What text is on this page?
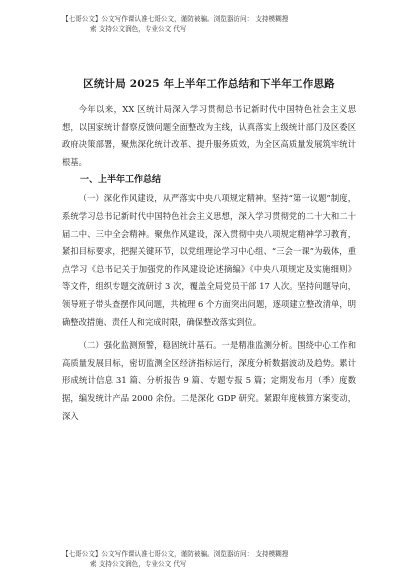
【七哥公文】公文写作课认准七哥公文，谨防被骗。浏览器访问： 支持模糊搜
索 支持公文润色，专业公文 代写
区统计局 2025 年上半年工作总结和下半年工作思路

今年以来，XX 区统计局深入学习贯彻总书记新时代中国特色社会主义思想，以国家统计督察反馈问题全面整改为主线，认真落实上级统计部门及区委区政府决策部署，聚焦深化统计改革、提升服务质效，为全区高质量发展筑牢统计根基。

一、上半年工作总结

（一）深化作风建设，从严落实中央八项规定精神。坚持“第一议题”制度，系统学习总书记新时代中国特色社会主义思想，深入学习贯彻党的二十大和二十届二中、三中全会精神。聚焦作风建设，深入贯彻中央八项规定精神学习教育，紧扣目标要求，把握关键环节，以党组理论学习中心组、“三会一课”为载体，重点学习《总书记关于加强党的作风建设论述摘编》《中央八项规定及实施细则》等文件，组织专题交流研讨 3 次，覆盖全局党员干部 17 人次。坚持问题导向，领导班子带头查摆作风问题，共梳理 6 个方面突出问题，逐项建立整改清单，明确整改措施、责任人和完成时限，确保整改落实到位。

（二）强化监测预警，稳固统计基石。一是精准监测分析。围绕中心工作和高质量发展目标，密切监测全区经济指标运行，深度分析数据波动及趋势。累计形成统计信息 31 篇、分析报告 9 篇、专题专报 5 篇；定期发布月（季）度数据，编发统计产品 2000 余份。二是深化 GDP 研究。紧跟年度核算方案变动，深入

【七哥公文】公文写作课认准七哥公文，谨防被骗。浏览器访问： 支持模糊搜
索 支持公文润色，专业公文 代写
